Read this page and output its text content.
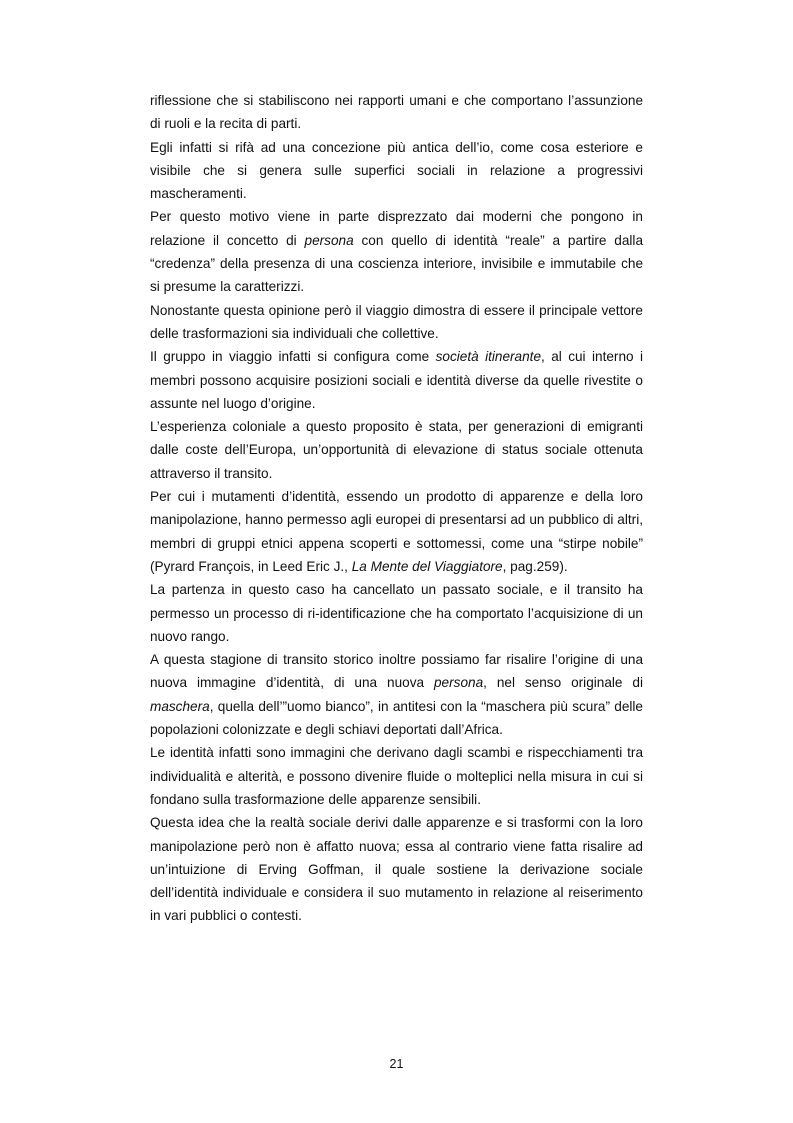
riflessione che si stabiliscono nei rapporti umani e che comportano l’assunzione di ruoli e la recita di parti.

Egli infatti si rifà ad una concezione più antica dell’io, come cosa esteriore e visibile che si genera sulle superfici sociali in relazione a progressivi mascheramenti.

Per questo motivo viene in parte disprezzato dai moderni che pongono in relazione il concetto di persona con quello di identità “reale” a partire dalla “credenza” della presenza di una coscienza interiore, invisibile e immutabile che si presume la caratterizzi.

Nonostante questa opinione però il viaggio dimostra di essere il principale vettore delle trasformazioni sia individuali che collettive.

Il gruppo in viaggio infatti si configura come società itinerante, al cui interno i membri possono acquisire posizioni sociali e identità diverse da quelle rivestite o assunte nel luogo d’origine.

L’esperienza coloniale a questo proposito è stata, per generazioni di emigranti dalle coste dell’Europa, un’opportunità di elevazione di status sociale ottenuta attraverso il transito.

Per cui i mutamenti d’identità, essendo un prodotto di apparenze e della loro manipolazione, hanno permesso agli europei di presentarsi ad un pubblico di altri, membri di gruppi etnici appena scoperti e sottomessi, come una “stirpe nobile” (Pyrard François, in Leed Eric J., La Mente del Viaggiatore, pag.259).

La partenza in questo caso ha cancellato un passato sociale, e il transito ha permesso un processo di ri-identificazione che ha comportato l’acquisizione di un nuovo rango.

A questa stagione di transito storico inoltre possiamo far risalire l’origine di una nuova immagine d’identità, di una nuova persona, nel senso originale di maschera, quella dell’”uomo bianco”, in antitesi con la “maschera più scura” delle popolazioni colonizzate e degli schiavi deportati dall’Africa.

Le identità infatti sono immagini che derivano dagli scambi e rispecchiamenti tra individualità e alterità, e possono divenire fluide o molteplici nella misura in cui si fondano sulla trasformazione delle apparenze sensibili.

Questa idea che la realtà sociale derivi dalle apparenze e si trasformi con la loro manipolazione però non è affatto nuova; essa al contrario viene fatta risalire ad un’intuizione di Erving Goffman, il quale sostiene la derivazione sociale dell’identità individuale e considera il suo mutamento in relazione al reiserimento in vari pubblici o contesti.

21
